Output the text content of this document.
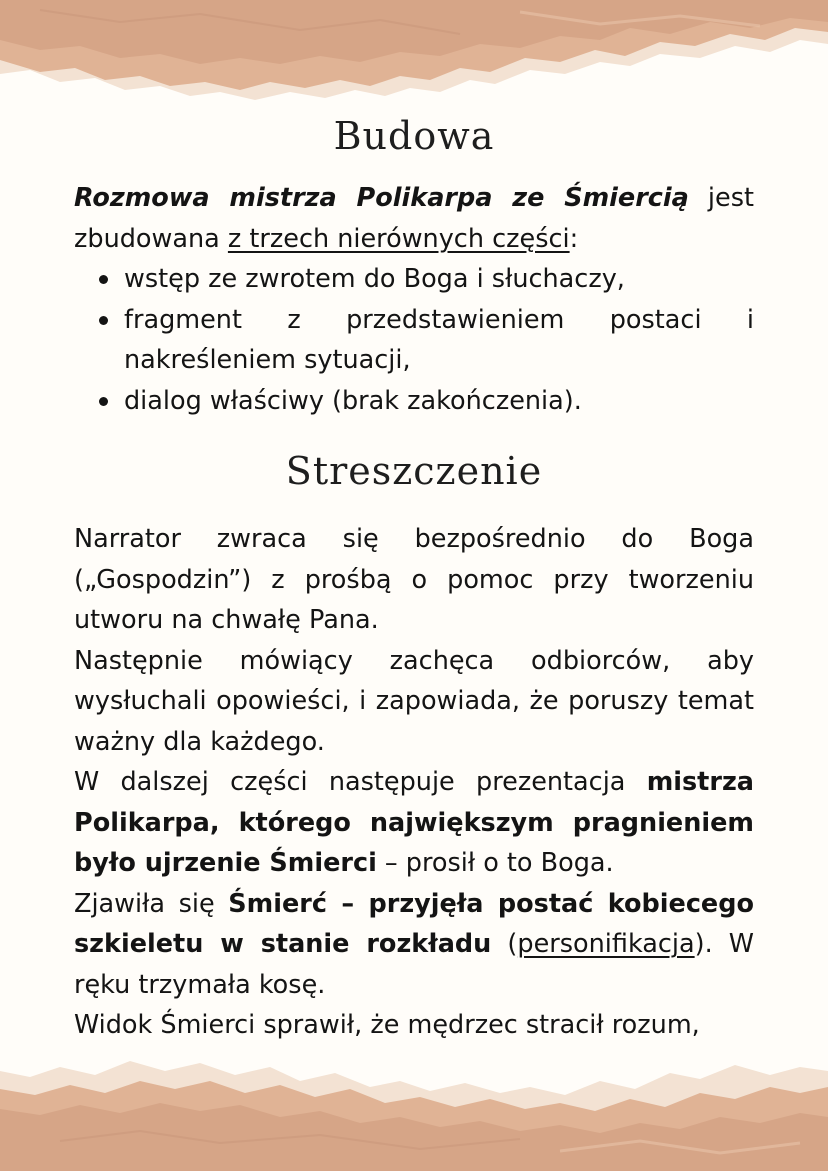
Budowa

Rozmowa mistrza Polikarpa ze Śmiercią jest zbudowana z trzech nierównych części:

wstęp ze zwrotem do Boga i słuchaczy,
fragment z przedstawieniem postaci i nakreśleniem sytuacji,
dialog właściwy (brak zakończenia).
Streszczenie

Narrator zwraca się bezpośrednio do Boga („Gospodzin”) z prośbą o pomoc przy tworzeniu utworu na chwałę Pana.

Następnie mówiący zachęca odbiorców, aby wysłuchali opowieści, i zapowiada, że poruszy temat ważny dla każdego.

W dalszej części następuje prezentacja mistrza Polikarpa, którego największym pragnieniem było ujrzenie Śmierci – prosił o to Boga.

Zjawiła się Śmierć – przyjęła postać kobiecego szkieletu w stanie rozkładu (personifikacja). W ręku trzymała kosę.

Widok Śmierci sprawił, że mędrzec stracił rozum,
